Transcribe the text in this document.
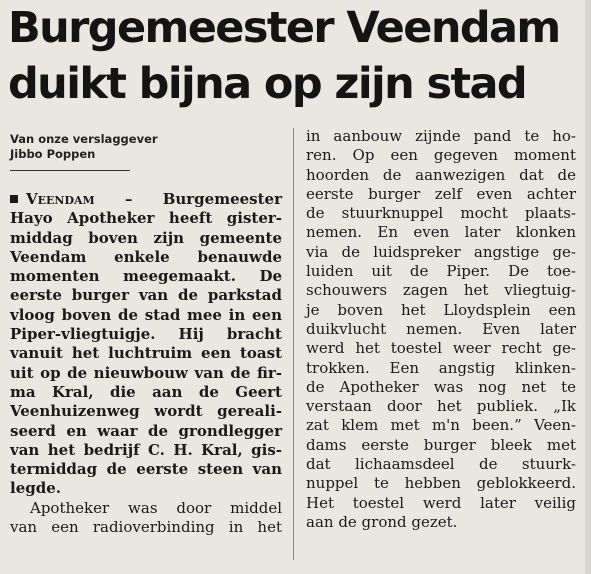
Burgemeester Veendam
duikt bijna op zijn stad
Van onze verslaggever
Jibbo Poppen
Veendam – Burgemeester
Hayo Apotheker heeft gister-
middag boven zijn gemeente
Veendam enkele benauwde
momenten meegemaakt. De
eerste burger van de parkstad
vloog boven de stad mee in een
Piper-vliegtuigje. Hij bracht
vanuit het luchtruim een toast
uit op de nieuwbouw van de fir-
ma Kral, die aan de Geert
Veenhuizenweg wordt gereali-
seerd en waar de grondlegger
van het bedrijf C. H. Kral, gis-
termiddag de eerste steen van
legde.
Apotheker was door middel
van een radioverbinding in het
in aanbouw zijnde pand te ho-
ren. Op een gegeven moment
hoorden de aanwezigen dat de
eerste burger zelf even achter
de stuurknuppel mocht plaats-
nemen. En even later klonken
via de luidspreker angstige ge-
luiden uit de Piper. De toe-
schouwers zagen het vliegtuig-
je boven het Lloydsplein een
duikvlucht nemen. Even later
werd het toestel weer recht ge-
trokken. Een angstig klinken-
de Apotheker was nog net te
verstaan door het publiek. „Ik
zat klem met m'n been.” Veen-
dams eerste burger bleek met
dat lichaamsdeel de stuurk-
nuppel te hebben geblokkeerd.
Het toestel werd later veilig
aan de grond gezet.
